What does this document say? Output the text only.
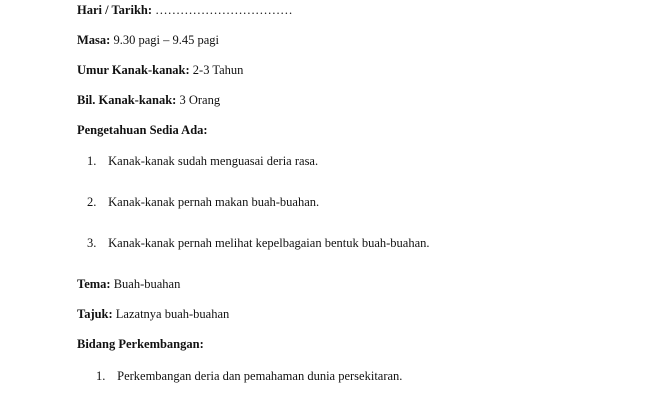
Hari / Tarikh: ……………………………
Masa: 9.30 pagi – 9.45 pagi
Umur Kanak-kanak: 2-3 Tahun
Bil. Kanak-kanak: 3 Orang
Pengetahuan Sedia Ada:
1. Kanak-kanak sudah menguasai deria rasa.
2. Kanak-kanak pernah makan buah-buahan.
3. Kanak-kanak pernah melihat kepelbagaian bentuk buah-buahan.
Tema: Buah-buahan
Tajuk: Lazatnya buah-buahan
Bidang Perkembangan:
1. Perkembangan deria dan pemahaman dunia persekitaran.
